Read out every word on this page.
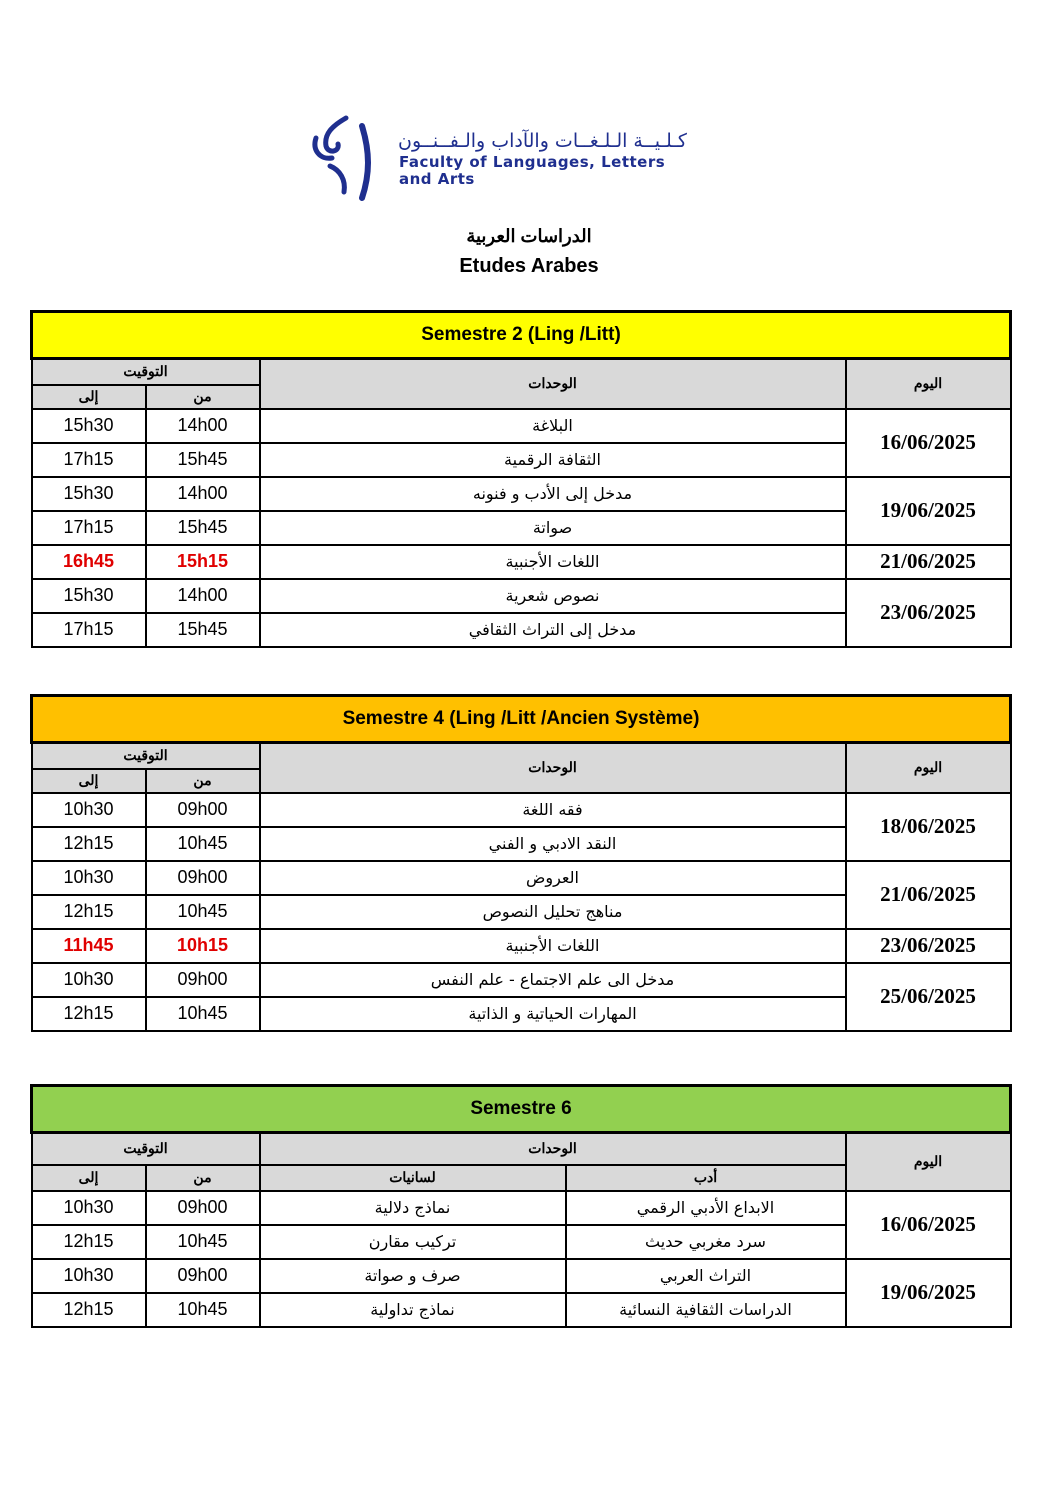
كـلـيــة الـلـغــات والآداب والـفــنــون
Faculty of Languages, Letters
and Arts
الدراسات العربية
Etudes Arabes
Semestre 2 (Ling /Litt)			
التوقيت		الوحدات	اليوم
إلى	من		
15h30	14h00	البلاغة	16/06/2025
17h15	15h45	الثقافة الرقمية	
15h30	14h00	مدخل إلى الأدب و فنونه	19/06/2025
17h15	15h45	صواتة	
16h45	15h15	اللغات الأجنبية	21/06/2025
15h30	14h00	نصوص شعرية	23/06/2025
17h15	15h45	مدخل إلى التراث الثقافي	
Semestre 4 (Ling /Litt /Ancien Système)			
التوقيت		الوحدات	اليوم
إلى	من		
10h30	09h00	فقه اللغة	18/06/2025
12h15	10h45	النقد الادبي و الفني	
10h30	09h00	العروض	21/06/2025
12h15	10h45	مناهج تحليل النصوص	
11h45	10h15	اللغات الأجنبية	23/06/2025
10h30	09h00	مدخل الى علم الاجتماع - علم النفس	25/06/2025
12h15	10h45	المهارات الحياتية و الذاتية	
Semestre 6				
التوقيت		الوحدات		اليوم
إلى	من	لسانيات	أدب	
10h30	09h00	نماذج دلالية	الابداع الأدبي الرقمي	16/06/2025
12h15	10h45	تركيب مقارن	سرد مغربي حديث	
10h30	09h00	صرف و صواتة	التراث العربي	19/06/2025
12h15	10h45	نماذج تداولية	الدراسات الثقافية النسائية	
